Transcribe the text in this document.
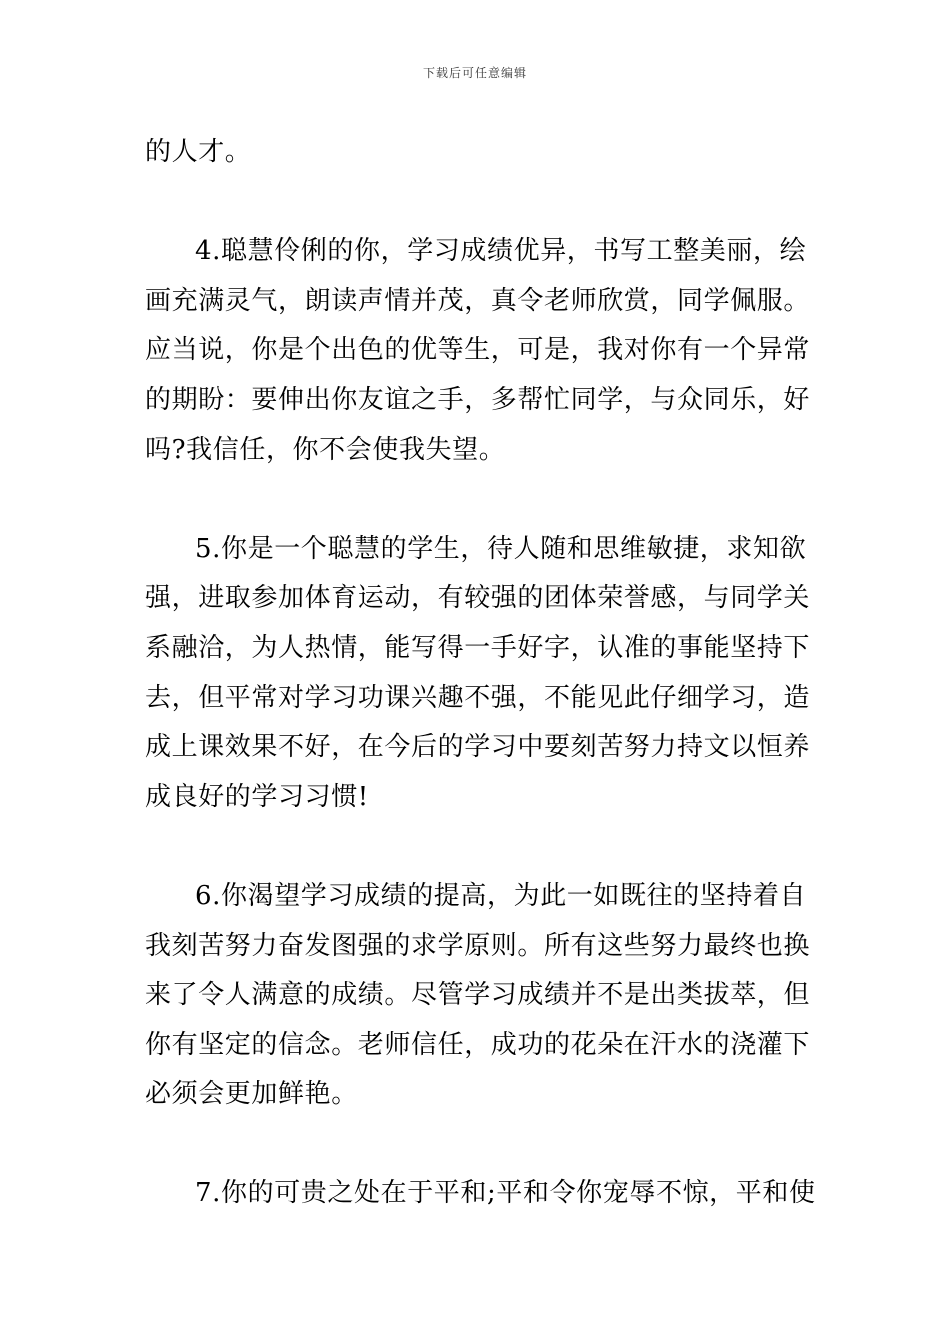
下载后可任意编辑
的人才。
4.聪慧伶俐的你，学习成绩优异，书写工整美丽，绘
画充满灵气，朗读声情并茂，真令老师欣赏，同学佩服。
应当说，你是个出色的优等生，可是，我对你有一个异常
的期盼：要伸出你友谊之手，多帮忙同学，与众同乐，好
吗?我信任，你不会使我失望。
5.你是一个聪慧的学生，待人随和思维敏捷，求知欲
强，进取参加体育运动，有较强的团体荣誉感，与同学关
系融洽，为人热情，能写得一手好字，认准的事能坚持下
去，但平常对学习功课兴趣不强，不能见此仔细学习，造
成上课效果不好，在今后的学习中要刻苦努力持文以恒养
成良好的学习习惯!
6.你渴望学习成绩的提高，为此一如既往的坚持着自
我刻苦努力奋发图强的求学原则。所有这些努力最终也换
来了令人满意的成绩。尽管学习成绩并不是出类拔萃，但
你有坚定的信念。老师信任，成功的花朵在汗水的浇灌下
必须会更加鲜艳。
7.你的可贵之处在于平和;平和令你宠辱不惊，平和使
